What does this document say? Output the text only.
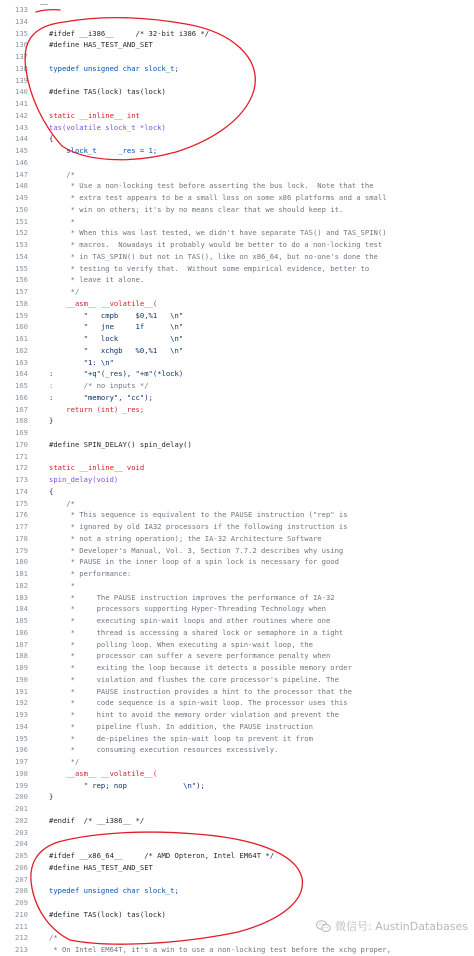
133
134
135	#ifdef __i386__     /* 32-bit i386 */
136	#define HAS_TEST_AND_SET
137
138	typedef unsigned char slock_t;
139
140	#define TAS(lock) tas(lock)
141
142	static __inline__ int
143	tas(volatile slock_t *lock)
144	{
145	slock_t     _res = 1;
146
147	/*
148	* Use a non-locking test before asserting the bus lock.  Note that the
149	* extra test appears to be a small loss on some x86 platforms and a small
150	* win on others; it's by no means clear that we should keep it.
151	*
152	* When this was last tested, we didn't have separate TAS() and TAS_SPIN()
153	* macros.  Nowadays it probably would be better to do a non-locking test
154	* in TAS_SPIN() but not in TAS(), like on x86_64, but no-one's done the
155	* testing to verify that.  Without some empirical evidence, better to
156	* leave it alone.
157	*/
158	__asm__ __volatile__(
159	"   cmpb    $0,%1   \n"
160	"   jne     1f      \n"
161	"   lock            \n"
162	"   xchgb   %0,%1   \n"
163	"1: \n"
164	:       "+q"(_res), "+m"(*lock)
165	:       /* no inputs */
166	:       "memory", "cc");
167	return (int) _res;
168	}
169
170	#define SPIN_DELAY() spin_delay()
171
172	static __inline__ void
173	spin_delay(void)
174	{
175	/*
176	* This sequence is equivalent to the PAUSE instruction ("rep" is
177	* ignored by old IA32 processors if the following instruction is
178	* not a string operation); the IA-32 Architecture Software
179	* Developer's Manual, Vol. 3, Section 7.7.2 describes why using
180	* PAUSE in the inner loop of a spin lock is necessary for good
181	* performance:
182	*
183	*     The PAUSE instruction improves the performance of IA-32
184	*     processors supporting Hyper-Threading Technology when
185	*     executing spin-wait loops and other routines where one
186	*     thread is accessing a shared lock or semaphore in a tight
187	*     polling loop. When executing a spin-wait loop, the
188	*     processor can suffer a severe performance penalty when
189	*     exiting the loop because it detects a possible memory order
190	*     violation and flushes the core processor's pipeline. The
191	*     PAUSE instruction provides a hint to the processor that the
192	*     code sequence is a spin-wait loop. The processor uses this
193	*     hint to avoid the memory order violation and prevent the
194	*     pipeline flush. In addition, the PAUSE instruction
195	*     de-pipelines the spin-wait loop to prevent it from
196	*     consuming execution resources excessively.
197	*/
198	__asm__ __volatile__(
199	" rep; nop             \n");
200	}
201
202	#endif  /* __i386__ */
203
204
205	#ifdef __x86_64__     /* AMD Opteron, Intel EM64T */
206	#define HAS_TEST_AND_SET
207
208	typedef unsigned char slock_t;
209
210	#define TAS(lock) tas(lock)
211
212	/*
213	* On Intel EM64T, it's a win to use a non-locking test before the xchg proper,
微信号: AustinDatabases
